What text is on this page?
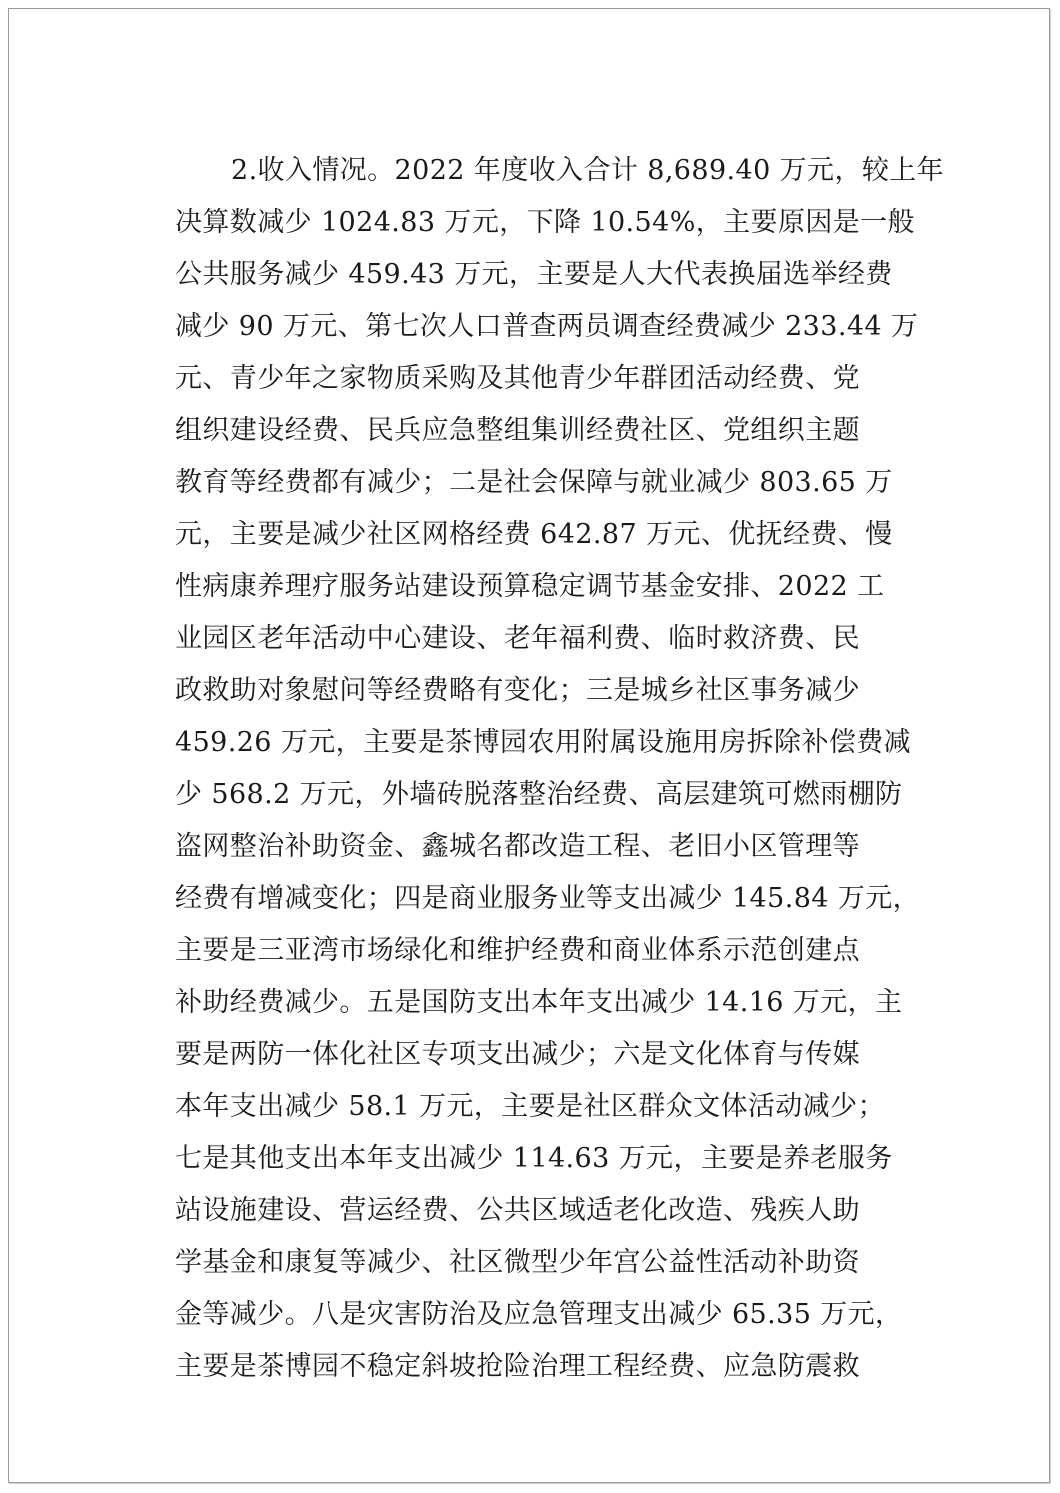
2.收入情况。2022 年度收入合计 8,689.40 万元，较上年
决算数减少 1024.83 万元，下降 10.54%，主要原因是一般
公共服务减少 459.43 万元，主要是人大代表换届选举经费
减少 90 万元、第七次人口普查两员调查经费减少 233.44 万
元、青少年之家物质采购及其他青少年群团活动经费、党
组织建设经费、民兵应急整组集训经费社区、党组织主题
教育等经费都有减少；二是社会保障与就业减少 803.65 万
元，主要是减少社区网格经费 642.87 万元、优抚经费、慢
性病康养理疗服务站建设预算稳定调节基金安排、2022 工
业园区老年活动中心建设、老年福利费、临时救济费、民
政救助对象慰问等经费略有变化；三是城乡社区事务减少
459.26 万元，主要是茶博园农用附属设施用房拆除补偿费减
少 568.2 万元，外墙砖脱落整治经费、高层建筑可燃雨棚防
盗网整治补助资金、鑫城名都改造工程、老旧小区管理等
经费有增减变化；四是商业服务业等支出减少 145.84 万元，
主要是三亚湾市场绿化和维护经费和商业体系示范创建点
补助经费减少。五是国防支出本年支出减少 14.16 万元，主
要是两防一体化社区专项支出减少；六是文化体育与传媒
本年支出减少 58.1 万元，主要是社区群众文体活动减少；
七是其他支出本年支出减少 114.63 万元，主要是养老服务
站设施建设、营运经费、公共区域适老化改造、残疾人助
学基金和康复等减少、社区微型少年宫公益性活动补助资
金等减少。八是灾害防治及应急管理支出减少 65.35 万元，
主要是茶博园不稳定斜坡抢险治理工程经费、应急防震救
